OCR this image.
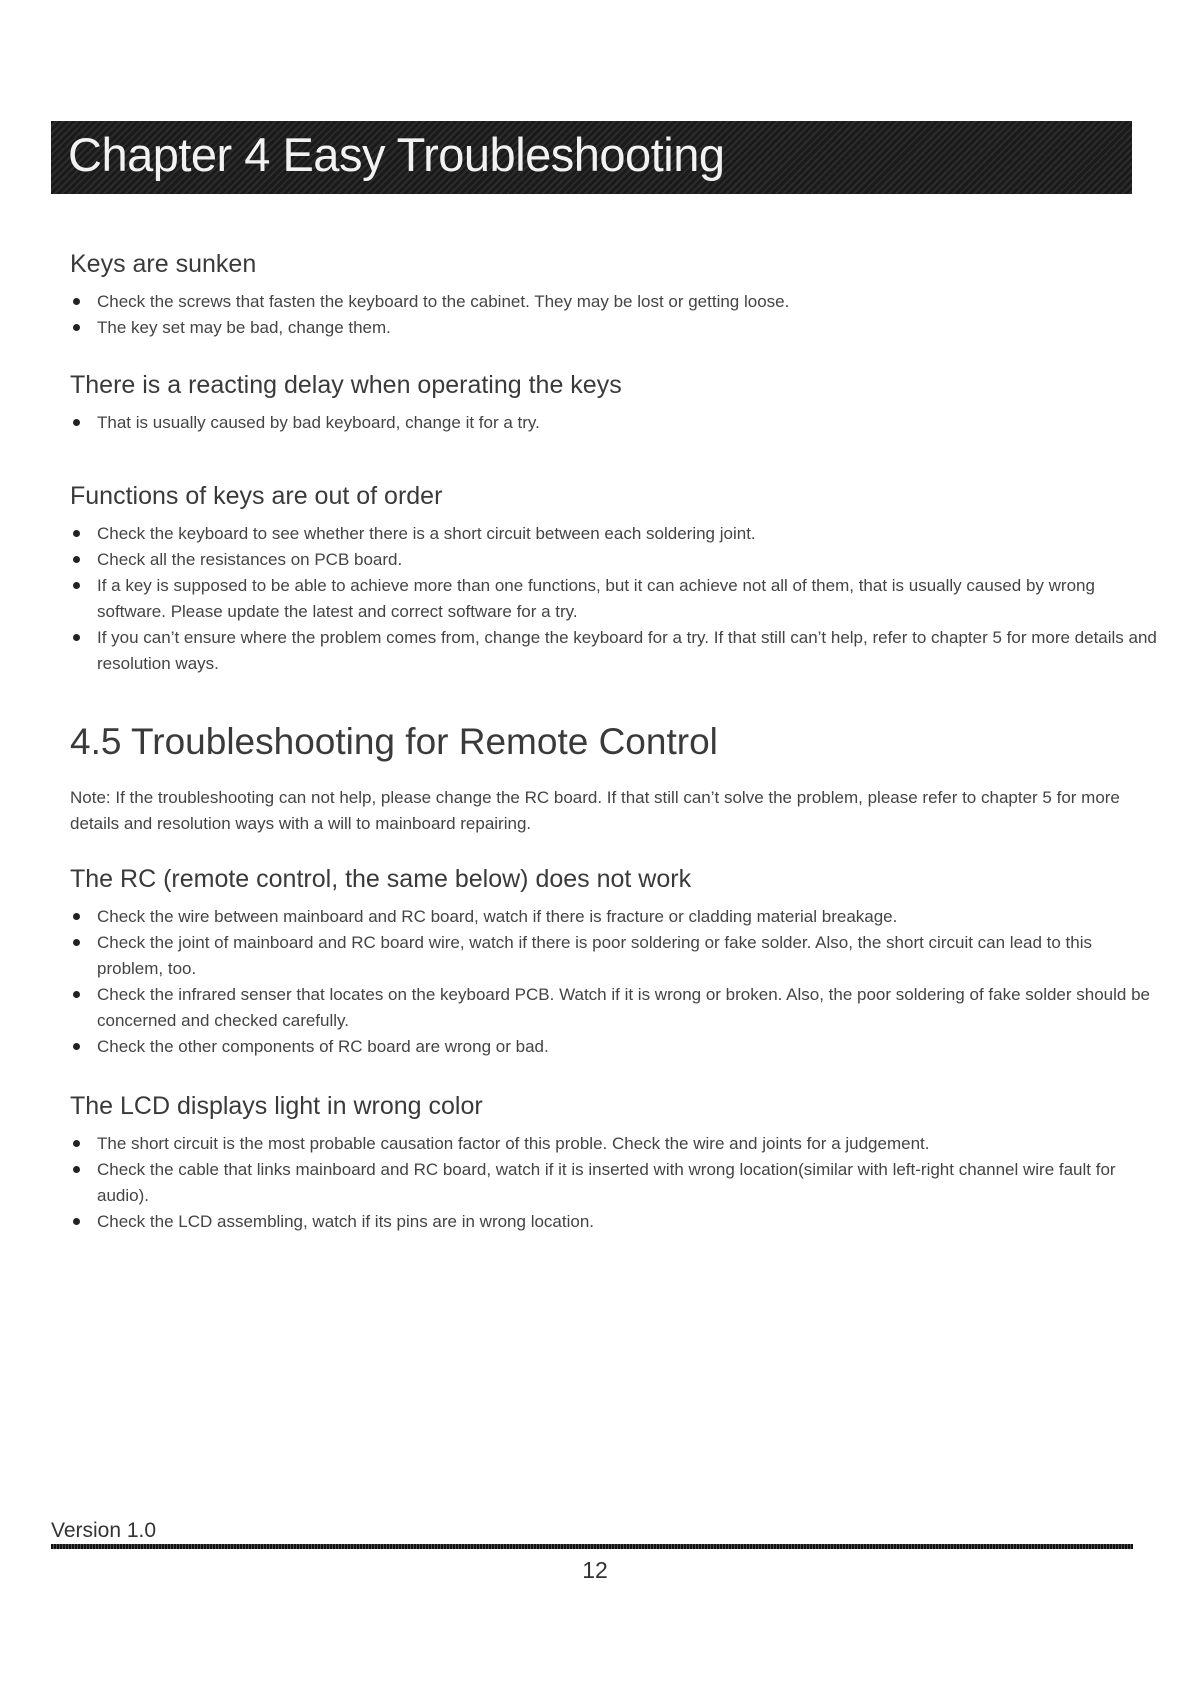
Chapter 4 Easy Troubleshooting
Keys are sunken
Check the screws that fasten the keyboard to the cabinet. They may be lost or getting loose.
The key set may be bad, change them.
There is a reacting delay when operating the keys
That is usually caused by bad keyboard, change it for a try.
Functions of keys are out of order
Check the keyboard to see whether there is a short circuit between each soldering joint.
Check all the resistances on PCB board.
If a key is supposed to be able to achieve more than one functions, but it can achieve not all of them, that is usually caused by wrong software. Please update the latest and correct software for a try.
If you can’t ensure where the problem comes from, change the keyboard for a try. If that still can’t help, refer to chapter 5 for more details and resolution ways.
4.5 Troubleshooting for Remote Control

Note: If the troubleshooting can not help, please change the RC board. If that still can’t solve the problem, please refer to chapter 5 for more details and resolution ways with a will to mainboard repairing.

The RC (remote control, the same below) does not work
Check the wire between mainboard and RC board, watch if there is fracture or cladding material breakage.
Check the joint of mainboard and RC board wire, watch if there is poor soldering or fake solder. Also, the short circuit can lead to this problem, too.
Check the infrared senser that locates on the keyboard PCB. Watch if it is wrong or broken. Also, the poor soldering of fake solder should be concerned and checked carefully.
Check the other components of RC board are wrong or bad.
The LCD displays light in wrong color
The short circuit is the most probable causation factor of this proble. Check the wire and joints for a judgement.
Check the cable that links mainboard and RC board, watch if it is inserted with wrong location(similar with left-right channel wire fault for audio).
Check the LCD assembling, watch if its pins are in wrong location.

Version 1.0

12
